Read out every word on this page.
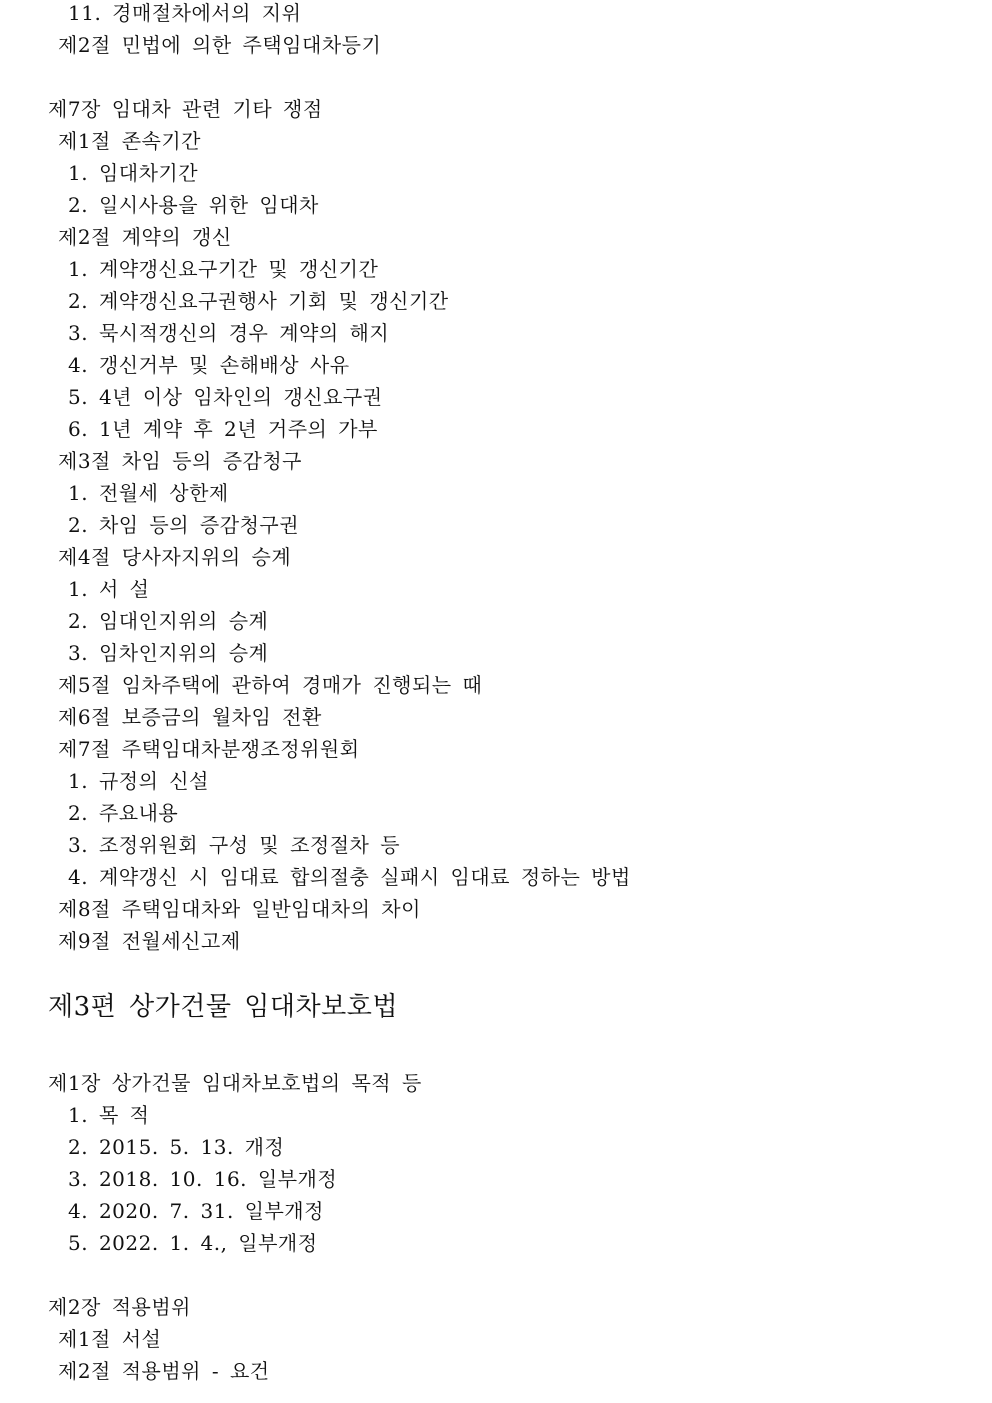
11. 경매절차에서의 지위
제2절 민법에 의한 주택임대차등기
제7장 임대차 관련 기타 쟁점
제1절 존속기간
1. 임대차기간
2. 일시사용을 위한 임대차
제2절 계약의 갱신
1. 계약갱신요구기간 및 갱신기간
2. 계약갱신요구권행사 기회 및 갱신기간
3. 묵시적갱신의 경우 계약의 해지
4. 갱신거부 및 손해배상 사유
5. 4년 이상 임차인의 갱신요구권
6. 1년 계약 후 2년 거주의 가부
제3절 차임 등의 증감청구
1. 전월세 상한제
2. 차임 등의 증감청구권
제4절 당사자지위의 승계
1. 서 설
2. 임대인지위의 승계
3. 임차인지위의 승계
제5절 임차주택에 관하여 경매가 진행되는 때
제6절 보증금의 월차임 전환
제7절 주택임대차분쟁조정위원회
1. 규정의 신설
2. 주요내용
3. 조정위원회 구성 및 조정절차 등
4. 계약갱신 시 임대료 합의절충 실패시 임대료 정하는 방법
제8절 주택임대차와 일반임대차의 차이
제9절 전월세신고제
제3편 상가건물 임대차보호법
제1장 상가건물 임대차보호법의 목적 등
1. 목 적
2. 2015. 5. 13. 개정
3. 2018. 10. 16. 일부개정
4. 2020. 7. 31. 일부개정
5. 2022. 1. 4., 일부개정
제2장 적용범위
제1절 서설
제2절 적용범위 - 요건
